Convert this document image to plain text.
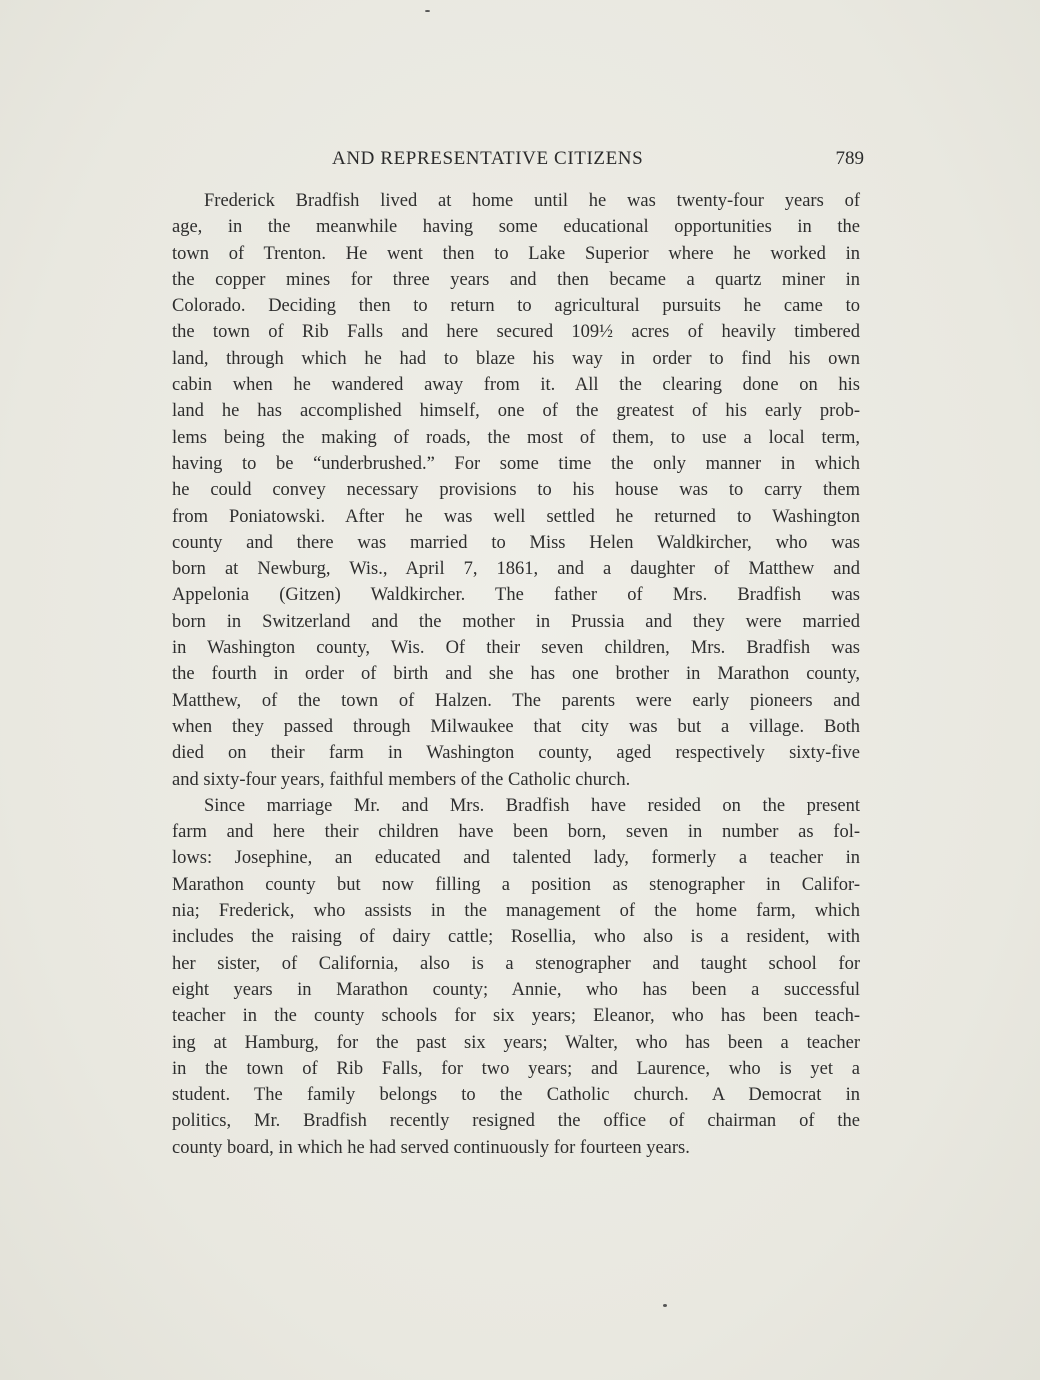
AND REPRESENTATIVE CITIZENS	789
Frederick Bradfish lived at home until he was twenty-four years of
age, in the meanwhile having some educational opportunities in the
town of Trenton. He went then to Lake Superior where he worked in
the copper mines for three years and then became a quartz miner in
Colorado. Deciding then to return to agricultural pursuits he came to
the town of Rib Falls and here secured 109½ acres of heavily timbered
land, through which he had to blaze his way in order to find his own
cabin when he wandered away from it. All the clearing done on his
land he has accomplished himself, one of the greatest of his early prob-
lems being the making of roads, the most of them, to use a local term,
having to be “underbrushed.” For some time the only manner in which
he could convey necessary provisions to his house was to carry them
from Poniatowski. After he was well settled he returned to Washington
county and there was married to Miss Helen Waldkircher, who was
born at Newburg, Wis., April 7, 1861, and a daughter of Matthew and
Appelonia (Gitzen) Waldkircher. The father of Mrs. Bradfish was
born in Switzerland and the mother in Prussia and they were married
in Washington county, Wis. Of their seven children, Mrs. Bradfish was
the fourth in order of birth and she has one brother in Marathon county,
Matthew, of the town of Halzen. The parents were early pioneers and
when they passed through Milwaukee that city was but a village. Both
died on their farm in Washington county, aged respectively sixty-five
and sixty-four years, faithful members of the Catholic church.
Since marriage Mr. and Mrs. Bradfish have resided on the present
farm and here their children have been born, seven in number as fol-
lows: Josephine, an educated and talented lady, formerly a teacher in
Marathon county but now filling a position as stenographer in Califor-
nia; Frederick, who assists in the management of the home farm, which
includes the raising of dairy cattle; Rosellia, who also is a resident, with
her sister, of California, also is a stenographer and taught school for
eight years in Marathon county; Annie, who has been a successful
teacher in the county schools for six years; Eleanor, who has been teach-
ing at Hamburg, for the past six years; Walter, who has been a teacher
in the town of Rib Falls, for two years; and Laurence, who is yet a
student. The family belongs to the Catholic church. A Democrat in
politics, Mr. Bradfish recently resigned the office of chairman of the
county board, in which he had served continuously for fourteen years.
